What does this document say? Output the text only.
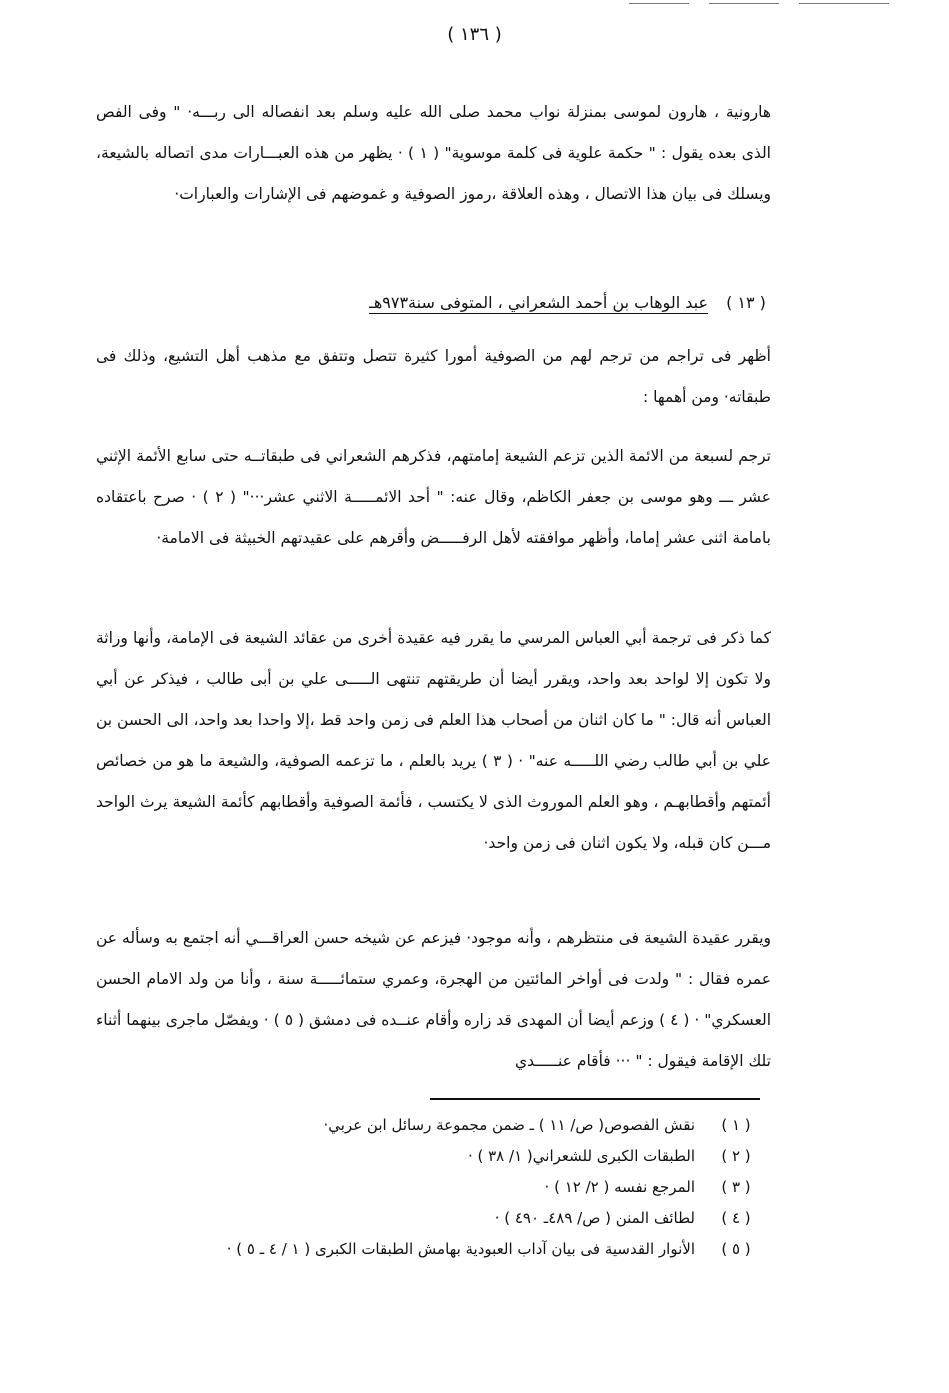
( ١٣٦ )

هارونية ، هارون لموسى بمنزلة نواب محمد صلى الله عليه وسلم بعد انفصاله الى ربـــه· " وفى الفص الذى بعده يقول : " حكمة علوية فى كلمة موسوية" ( ١ ) · يظهر من هذه العبـــارات مدى اتصاله بالشيعة، ويسلك فى بيان هذا الاتصال ، وهذه العلاقة ،رموز الصوفية و غموضهم فى الإشارات والعبارات·

( ١٣ )
عبد الوهاب بن أحمد الشعراني ، المتوفى سنة٩٧٣هـ

أظهر فى تراجم من ترجم لهم من الصوفية أمورا كثيرة تتصل وتتفق مع مذهب أهل التشيع، وذلك فى طبقاته· ومن أهمها :

ترجم لسبعة من الائمة الذين تزعم الشيعة إمامتهم، فذكرهم الشعراني فى طبقاتــه حتى سابع الأئمة الإثني عشر ـــ وهو موسى بن جعفر الكاظم، وقال عنه: " أحد الائمـــــة الاثني عشر···" ( ٢ ) · صرح باعتقاده بامامة اثنى عشر إماما، وأظهر موافقته لأهل الرفـــــض وأقرهم على عقيدتهم الخبيثة فى الامامة·

كما ذكر فى ترجمة أبي العباس المرسي ما يقرر فيه عقيدة أخرى من عقائد الشيعة فى الإمامة، وأنها وراثة ولا تكون إلا لواحد بعد واحد، ويقرر أيضا أن طريقتهم تنتهى الـــــى علي بن أبى طالب ، فيذكر عن أبي العباس أنه قال: " ما كان اثنان من أصحاب هذا العلم فى زمن واحد قط ،إلا واحدا بعد واحد، الى الحسن بن علي بن أبي طالب رضي اللـــــه عنه" · ( ٣ ) يريد بالعلم ، ما تزعمه الصوفية، والشيعة ما هو من خصائص أئمتهم وأقطابهـم ، وهو العلم الموروث الذى لا يكتسب ، فأئمة الصوفية وأقطابهم كأئمة الشيعة يرث الواحد مـــن كان قبله، ولا يكون اثنان فى زمن واحد·

ويقرر عقيدة الشيعة فى منتظرهم ، وأنه موجود· فيزعم عن شيخه حسن العراقـــي أنه اجتمع به وسأله عن عمره فقال : " ولدت فى أواخر المائتين من الهجرة، وعمري ستمائـــــة سنة ، وأنا من ولد الامام الحسن العسكري" · ( ٤ ) وزعم أيضا أن المهدى قد زاره وأقام عنــده فى دمشق ( ٥ ) · ويفصّل ماجرى بينهما أثناء تلك الإقامة فيقول : " ··· فأقام عنـــــدي

( ١ )
نقش الفصوص( ص/ ١١ ) ـ ضمن مجموعة رسائل ابن عربي·
( ٢ )
الطبقات الكبرى للشعراني( ١/ ٣٨ ) ·
( ٣ )
المرجع نفسه ( ٢/ ١٢ ) ·
( ٤ )
لطائف المنن ( ص/ ٤٨٩ـ ٤٩٠ ) ·
( ٥ )
الأنوار القدسية فى بيان آداب العبودية بهامش الطبقات الكبرى ( ١ / ٤ ـ ٥ ) ·
